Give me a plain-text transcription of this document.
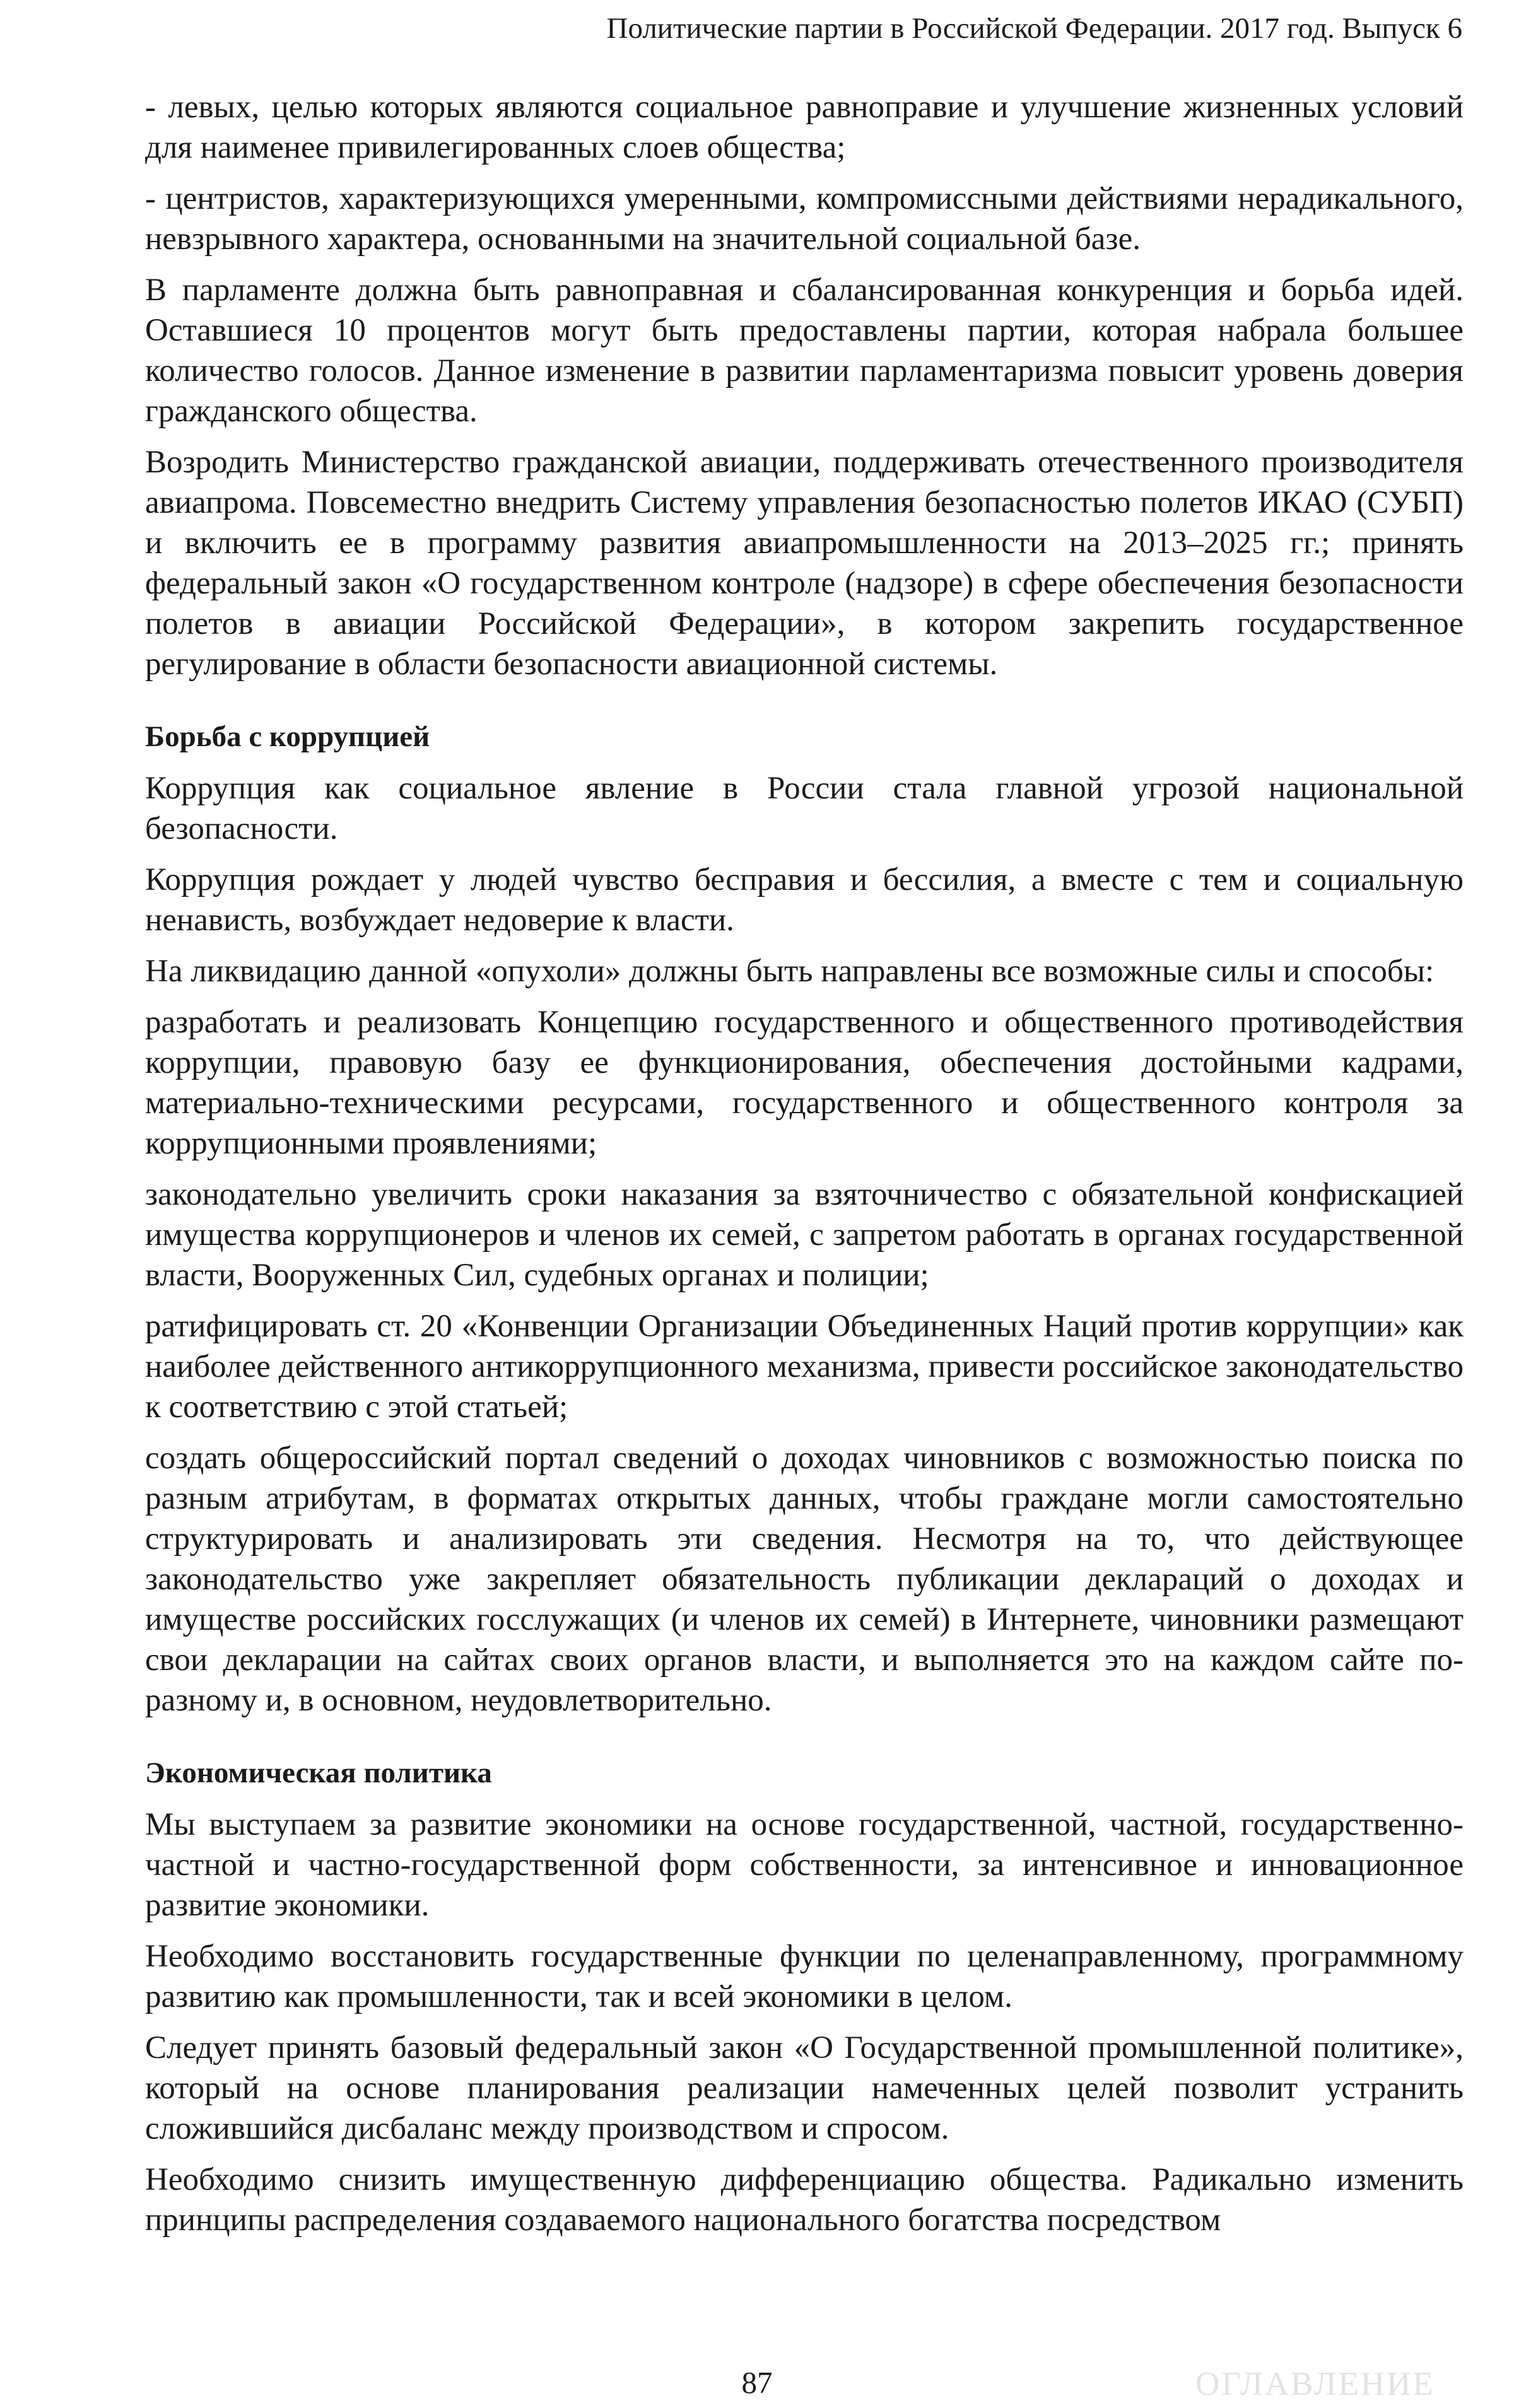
Политические партии в Российской Федерации. 2017 год. Выпуск 6

- левых, целью которых являются социальное равноправие и улучшение жизненных условий для наименее привилегированных слоев общества;

- центристов, характеризующихся умеренными, компромиссными действиями нерадикального, невзрывного характера, основанными на значительной социальной базе.

В парламенте должна быть равноправная и сбалансированная конкуренция и борьба идей. Оставшиеся 10 процентов могут быть предоставлены партии, которая набрала большее количество голосов. Данное изменение в развитии парламентаризма повысит уровень доверия гражданского общества.

Возродить Министерство гражданской авиации, поддерживать отечественного производителя авиапрома. Повсеместно внедрить Систему управления безопасностью полетов ИКАО (СУБП) и включить ее в программу развития авиапромышленности на 2013–2025 гг.; принять федеральный закон «О государственном контроле (надзоре) в сфере обеспечения безопасности полетов в авиации Российской Федерации», в котором закрепить государственное регулирование в области безопасности авиационной системы.

Борьба с коррупцией

Коррупция как социальное явление в России стала главной угрозой национальной безопасности.

Коррупция рождает у людей чувство бесправия и бессилия, а вместе с тем и социальную ненависть, возбуждает недоверие к власти.

На ликвидацию данной «опухоли» должны быть направлены все возможные силы и способы:

разработать и реализовать Концепцию государственного и общественного противодействия коррупции, правовую базу ее функционирования, обеспечения достойными кадрами, материально-техническими ресурсами, государственного и общественного контроля за коррупционными проявлениями;

законодательно увеличить сроки наказания за взяточничество с обязательной конфискацией имущества коррупционеров и членов их семей, с запретом работать в органах государственной власти, Вооруженных Сил, судебных органах и полиции;

ратифицировать ст. 20 «Конвенции Организации Объединенных Наций против коррупции» как наиболее действенного антикоррупционного механизма, привести российское законодательство к соответствию с этой статьей;

создать общероссийский портал сведений о доходах чиновников с возможностью поиска по разным атрибутам, в форматах открытых данных, чтобы граждане могли самостоятельно структурировать и анализировать эти сведения. Несмотря на то, что действующее законодательство уже закрепляет обязательность публикации деклараций о доходах и имуществе российских госслужащих (и членов их семей) в Интернете, чиновники размещают свои декларации на сайтах своих органов власти, и выполняется это на каждом сайте по-разному и, в основном, неудовлетворительно.

Экономическая политика

Мы выступаем за развитие экономики на основе государственной, частной, государственно-частной и частно-государственной форм собственности, за интенсивное и инновационное развитие экономики.

Необходимо восстановить государственные функции по целенаправленному, программному развитию как промышленности, так и всей экономики в целом.

Следует принять базовый федеральный закон «О Государственной промышленной политике», который на основе планирования реализации намеченных целей позволит устранить сложившийся дисбаланс между производством и спросом.

Необходимо снизить имущественную дифференциацию общества. Радикально изменить принципы распределения создаваемого национального богатства посредством

87	ОГЛАВЛЕНИЕ
